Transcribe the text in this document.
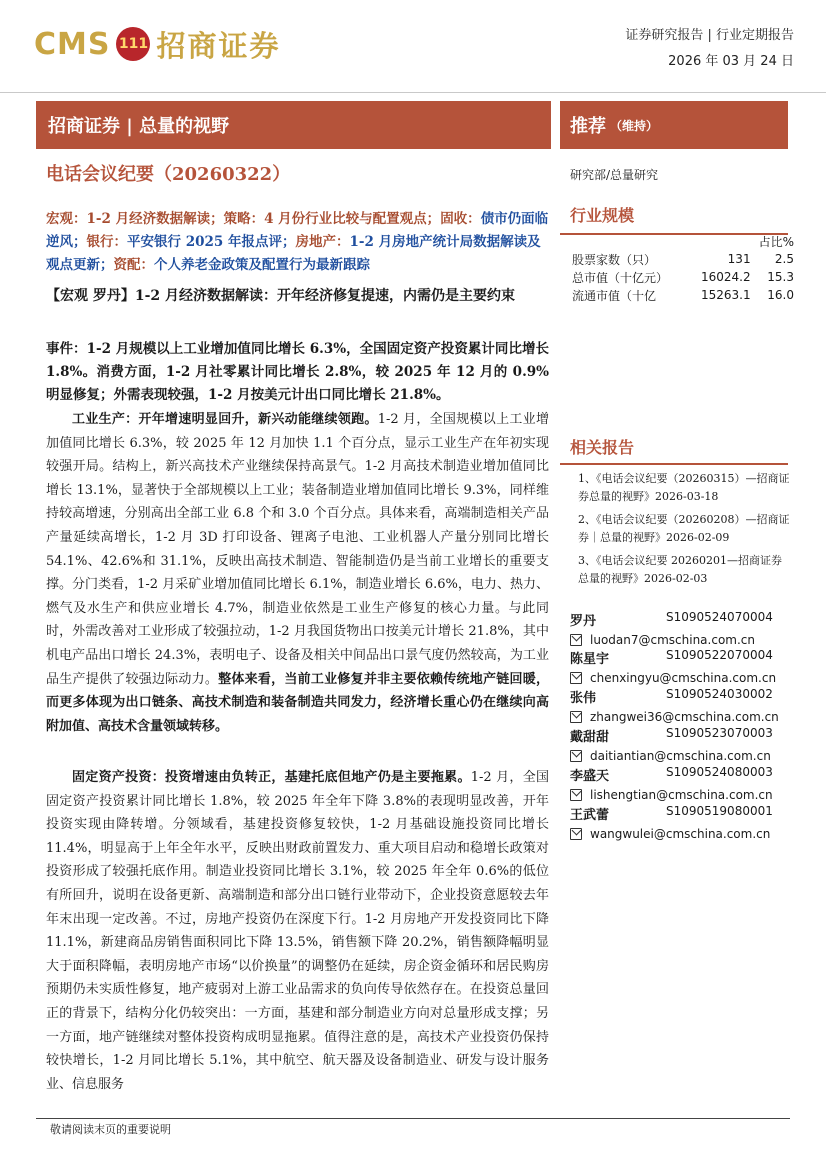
CMS 111 招商证券	证券研究报告 | 行业定期报告
2026 年 03 月 24 日
招商证券 | 总量的视野
电话会议纪要（20260322）
宏观：1-2 月经济数据解读；策略：4 月份行业比较与配置观点；固收：债市仍面临逆风；银行：平安银行 2025 年报点评；房地产：1-2 月房地产统计局数据解读及观点更新；资配：个人养老金政策及配置行为最新跟踪
【宏观 罗丹】1-2 月经济数据解读：开年经济修复提速，内需仍是主要约束
事件：1-2 月规模以上工业增加值同比增长 6.3%，全国固定资产投资累计同比增长 1.8%。消费方面，1-2 月社零累计同比增长 2.8%，较 2025 年 12 月的 0.9%明显修复；外需表现较强，1-2 月按美元计出口同比增长 21.8%。
工业生产：开年增速明显回升，新兴动能继续领跑。1-2 月，全国规模以上工业增加值同比增长 6.3%，较 2025 年 12 月加快 1.1 个百分点，显示工业生产在年初实现较强开局。结构上，新兴高技术产业继续保持高景气。1-2 月高技术制造业增加值同比增长 13.1%，显著快于全部规模以上工业；装备制造业增加值同比增长 9.3%，同样维持较高增速，分别高出全部工业 6.8 个和 3.0 个百分点。具体来看，高端制造相关产品产量延续高增长，1-2 月 3D 打印设备、锂离子电池、工业机器人产量分别同比增长 54.1%、42.6%和 31.1%，反映出高技术制造、智能制造仍是当前工业增长的重要支撑。分门类看，1-2 月采矿业增加值同比增长 6.1%，制造业增长 6.6%，电力、热力、燃气及水生产和供应业增长 4.7%，制造业依然是工业生产修复的核心力量。与此同时，外需改善对工业形成了较强拉动，1-2 月我国货物出口按美元计增长 21.8%，其中机电产品出口增长 24.3%，表明电子、设备及相关中间品出口景气度仍然较高，为工业品生产提供了较强边际动力。整体来看，当前工业修复并非主要依赖传统地产链回暖，而更多体现为出口链条、高技术制造和装备制造共同发力，经济增长重心仍在继续向高附加值、高技术含量领域转移。
固定资产投资：投资增速由负转正，基建托底但地产仍是主要拖累。1-2 月，全国固定资产投资累计同比增长 1.8%，较 2025 年全年下降 3.8%的表现明显改善，开年投资实现由降转增。分领域看，基建投资修复较快，1-2 月基础设施投资同比增长 11.4%，明显高于上年全年水平，反映出财政前置发力、重大项目启动和稳增长政策对投资形成了较强托底作用。制造业投资同比增长 3.1%，较 2025 年全年 0.6%的低位有所回升，说明在设备更新、高端制造和部分出口链行业带动下，企业投资意愿较去年年末出现一定改善。不过，房地产投资仍在深度下行。1-2 月房地产开发投资同比下降 11.1%，新建商品房销售面积同比下降 13.5%，销售额下降 20.2%，销售额降幅明显大于面积降幅，表明房地产市场“以价换量”的调整仍在延续，房企资金循环和居民购房预期仍未实质性修复，地产疲弱对上游工业品需求的负向传导依然存在。在投资总量回正的背景下，结构分化仍较突出：一方面，基建和部分制造业方向对总量形成支撑；另一方面，地产链继续对整体投资构成明显拖累。值得注意的是，高技术产业投资仍保持较快增长，1-2 月同比增长 5.1%，其中航空、航天器及设备制造业、研发与设计服务业、信息服务
推荐 （维持）
研究部/总量研究
行业规模
		占比%
股票家数（只）	131	2.5
总市值（十亿元）	16024.2	15.3
流通市值（十亿	15263.1	16.0
相关报告
1、《电话会议纪要（20260315）—招商证券总量的视野》2026-03-18
2、《电话会议纪要（20260208）—招商证券｜总量的视野》2026-02-09
3、《电话会议纪要 20260201—招商证券总量的视野》2026-02-03
罗丹	S1090524070004
luodan7@cmschina.com.cn
陈星宇	S1090522070004
chenxingyu@cmschina.com.cn
张伟	S1090524030002
zhangwei36@cmschina.com.cn
戴甜甜	S1090523070003
daitiantian@cmschina.com.cn
李盛天	S1090524080003
lishengtian@cmschina.com.cn
王武蕾	S1090519080001
wangwulei@cmschina.com.cn
敬请阅读末页的重要说明
